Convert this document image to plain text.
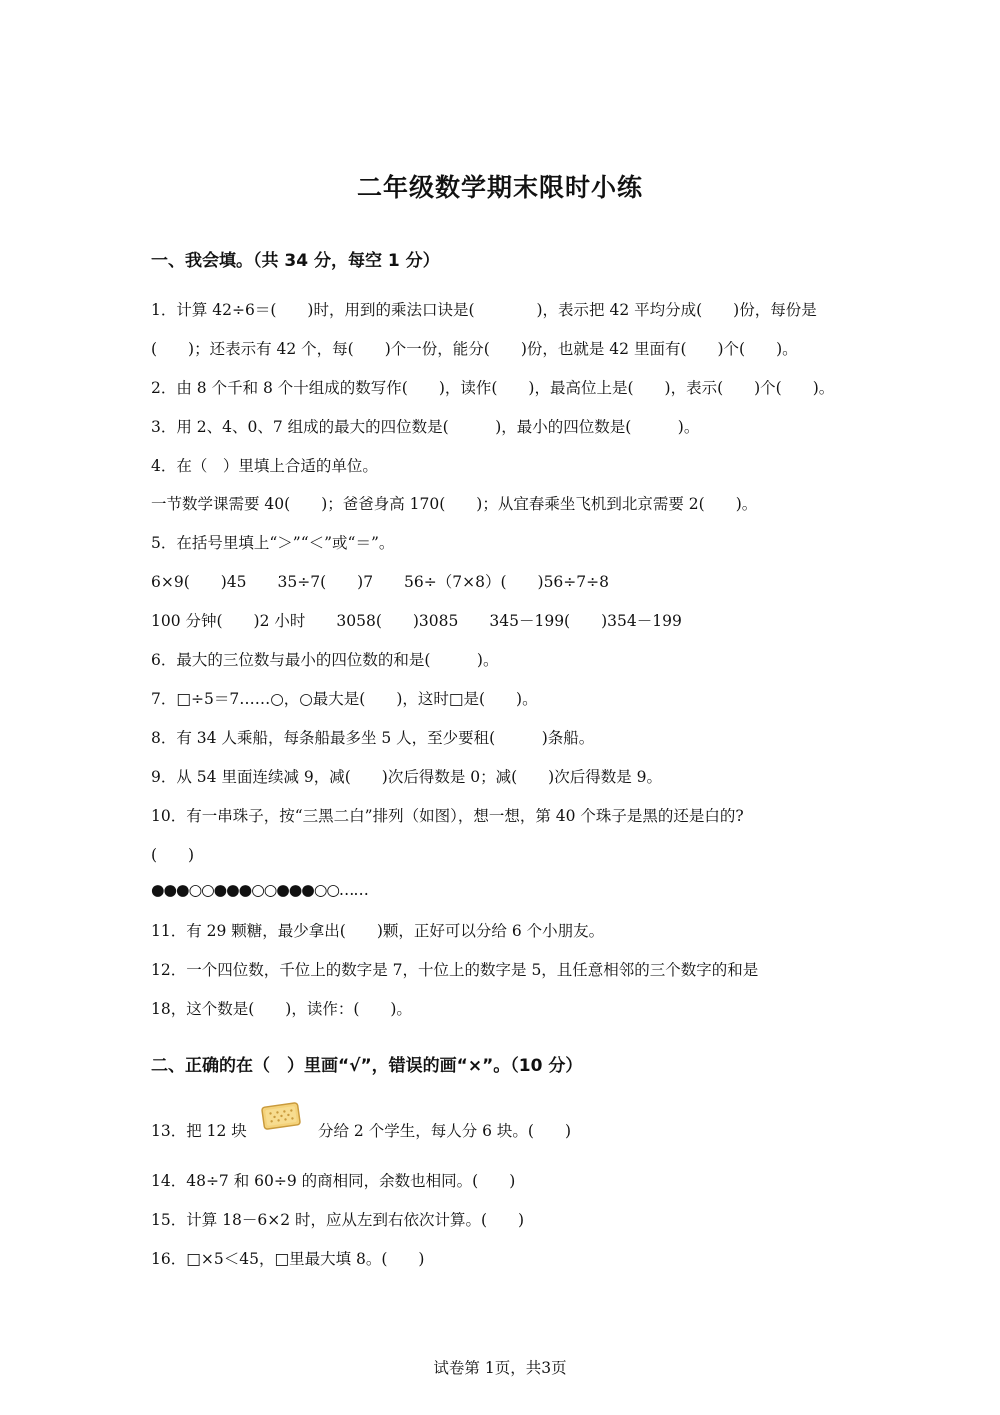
二年级数学期末限时小练
一、我会填。（共 34 分，每空 1 分）
1．计算 42÷6＝(　　)时，用到的乘法口诀是(　　　　)，表示把 42 平均分成(　　)份，每份是
(　　)；还表示有 42 个，每(　　)个一份，能分(　　)份，也就是 42 里面有(　　)个(　　)。
2．由 8 个千和 8 个十组成的数写作(　　)，读作(　　)，最高位上是(　　)，表示(　　)个(　　)。
3．用 2、4、0、7 组成的最大的四位数是(　　　)，最小的四位数是(　　　)。
4．在（　）里填上合适的单位。
一节数学课需要 40(　　)；爸爸身高 170(　　)；从宜春乘坐飞机到北京需要 2(　　)。
5．在括号里填上“＞”“＜”或“＝”。
6×9(　　)45　　35÷7(　　)7　　56÷（7×8）(　　)56÷7÷8
100 分钟(　　)2 小时　　3058(　　)3085　　345－199(　　)354－199
6．最大的三位数与最小的四位数的和是(　　　)。
7．□÷5＝7……○，○最大是(　　)，这时□是(　　)。
8．有 34 人乘船，每条船最多坐 5 人，至少要租(　　　)条船。
9．从 54 里面连续减 9，减(　　)次后得数是 0；减(　　)次后得数是 9。
10．有一串珠子，按“三黑二白”排列（如图），想一想，第 40 个珠子是黑的还是白的?
(　　)
●●●○○●●●○○●●●○○……
11．有 29 颗糖，最少拿出(　　)颗，正好可以分给 6 个小朋友。
12．一个四位数，千位上的数字是 7，十位上的数字是 5，且任意相邻的三个数字的和是
18，这个数是(　　)，读作：(　　)。
二、正确的在（　）里画“√”，错误的画“×”。（10 分）
13．把 12 块	分给 2 个学生，每人分 6 块。(　　)
14．48÷7 和 60÷9 的商相同，余数也相同。(　　)
15．计算 18－6×2 时，应从左到右依次计算。(　　)
16．□×5＜45，□里最大填 8。(　　)
试卷第 1页，共3页
